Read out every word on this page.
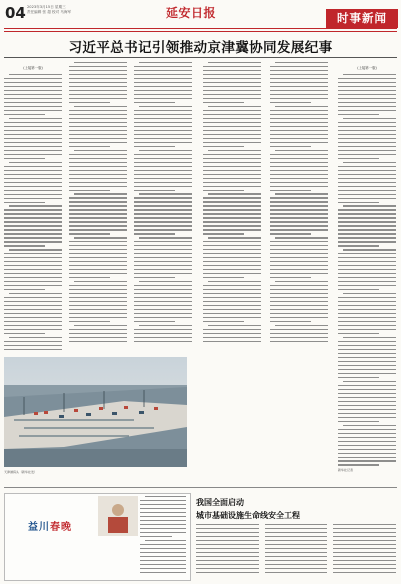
04 2023年3月15日 星期三
责任编辑 张 超 校对 马海军	延安日报	时事新闻
习近平总书记引领推动京津冀协同发展纪事
(上接第一版)	(上接第一版)
天津港码头（新华社发）	新华社记者
益川春晚
我国全面启动
城市基础设施生命线安全工程
